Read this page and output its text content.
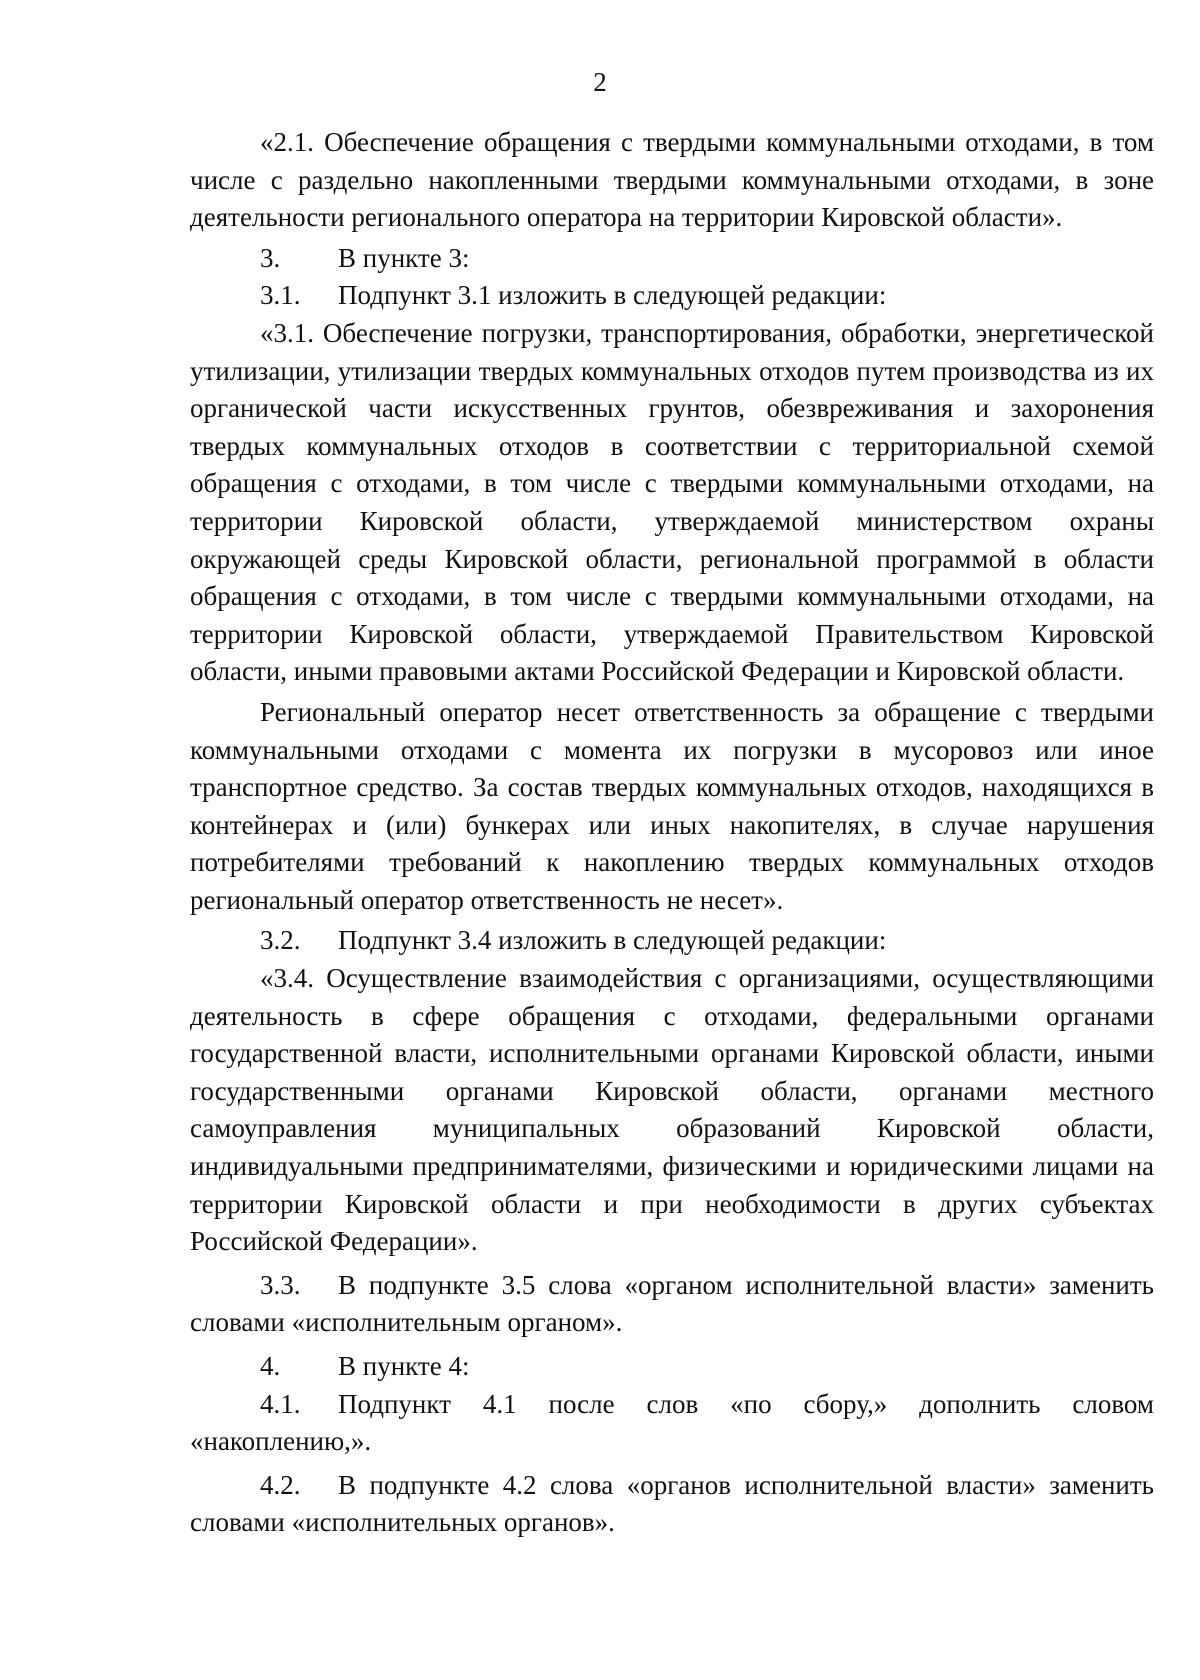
2

«2.1. Обеспечение обращения с твердыми коммунальными отходами, в том числе с раздельно накопленными твердыми коммунальными отходами, в зоне деятельности регионального оператора на территории Кировской области».

3. В пункте 3:

3.1. Подпункт 3.1 изложить в следующей редакции:

«3.1. Обеспечение погрузки, транспортирования, обработки, энергетической утилизации, утилизации твердых коммунальных отходов путем производства из их органической части искусственных грунтов, обезвреживания и захоронения твердых коммунальных отходов в соответствии с территориальной схемой обращения с отходами, в том числе с твердыми коммунальными отходами, на территории Кировской области, утверждаемой министерством охраны окружающей среды Кировской области, региональной программой в области обращения с отходами, в том числе с твердыми коммунальными отходами, на территории Кировской области, утверждаемой Правительством Кировской области, иными правовыми актами Российской Федерации и Кировской области.

Региональный оператор несет ответственность за обращение с твердыми коммунальными отходами с момента их погрузки в мусоровоз или иное транспортное средство. За состав твердых коммунальных отходов, находящихся в контейнерах и (или) бункерах или иных накопителях, в случае нарушения потребителями требований к накоплению твердых коммунальных отходов региональный оператор ответственность не несет».

3.2. Подпункт 3.4 изложить в следующей редакции:

«3.4. Осуществление взаимодействия с организациями, осуществляющими деятельность в сфере обращения с отходами, федеральными органами государственной власти, исполнительными органами Кировской области, иными государственными органами Кировской области, органами местного самоуправления муниципальных образований Кировской области, индивидуальными предпринимателями, физическими и юридическими лицами на территории Кировской области и при необходимости в других субъектах Российской Федерации».

3.3. В подпункте 3.5 слова «органом исполнительной власти» заменить словами «исполнительным органом».

4. В пункте 4:

4.1. Подпункт 4.1 после слов «по сбору,» дополнить словом «накоплению,».

4.2. В подпункте 4.2 слова «органов исполнительной власти» заменить словами «исполнительных органов».
